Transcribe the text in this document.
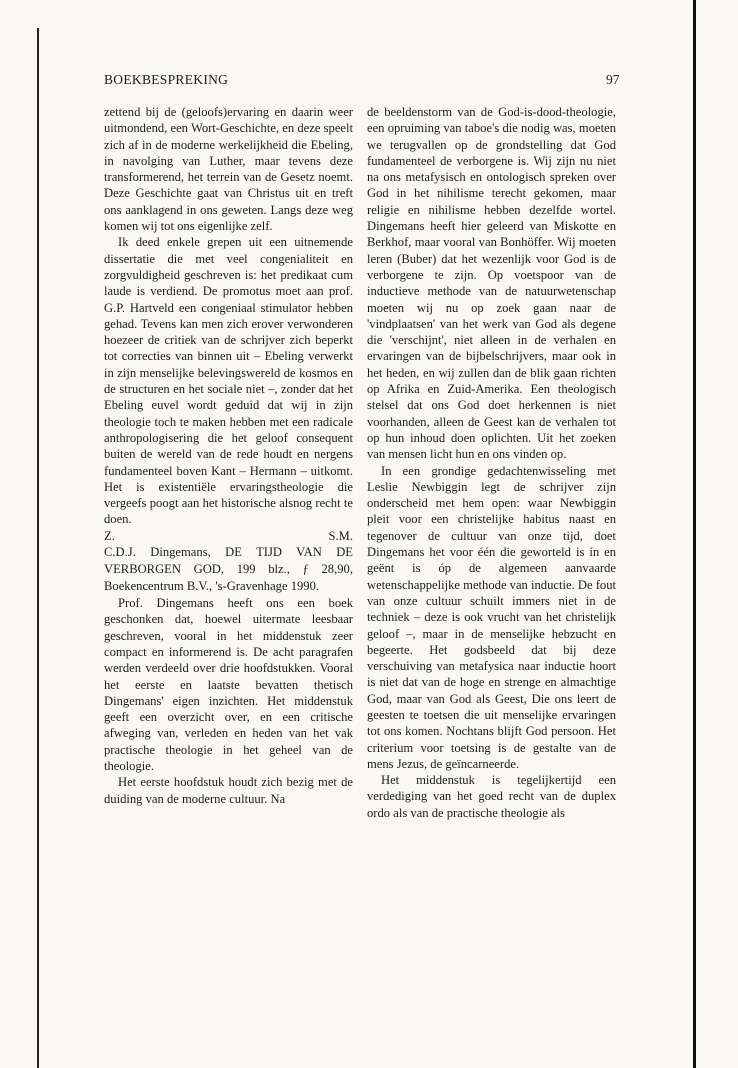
BOEKBESPREKING	97

zettend bij de (geloofs)ervaring en daarin weer uitmondend, een Wort-Geschichte, en deze speelt zich af in de moderne werkelijkheid die Ebeling, in navolging van Luther, maar tevens deze transformerend, het terrein van de Gesetz noemt. Deze Geschichte gaat van Christus uit en treft ons aanklagend in ons geweten. Langs deze weg komen wij tot ons eigenlijke zelf.

Ik deed enkele grepen uit een uitnemende dissertatie die met veel congenialiteit en zorgvuldigheid geschreven is: het predikaat cum laude is verdiend. De promotus moet aan prof. G.P. Hartveld een congeniaal stimulator hebben gehad. Tevens kan men zich erover verwonderen hoezeer de critiek van de schrijver zich beperkt tot correcties van binnen uit – Ebeling verwerkt in zijn menselijke belevingswereld de kosmos en de structuren en het sociale niet –, zonder dat het Ebeling euvel wordt geduid dat wij in zijn theologie toch te maken hebben met een radicale anthropologisering die het geloof consequent buiten de wereld van de rede houdt en nergens fundamenteel boven Kant – Hermann – uitkomt. Het is existentiële ervaringstheologie die vergeefs poogt aan het historische alsnog recht te doen.

Z.	S.M.

C.D.J. Dingemans, DE TIJD VAN DE VERBORGEN GOD, 199 blz., ƒ 28,90, Boekencentrum B.V., 's-Gravenhage 1990.

Prof. Dingemans heeft ons een boek geschonken dat, hoewel uitermate leesbaar geschreven, vooral in het middenstuk zeer compact en informerend is. De acht paragrafen werden verdeeld over drie hoofdstukken. Vooral het eerste en laatste bevatten thetisch Dingemans' eigen inzichten. Het middenstuk geeft een overzicht over, en een critische afweging van, verleden en heden van het vak practische theologie in het geheel van de theologie.

Het eerste hoofdstuk houdt zich bezig met de duiding van de moderne cultuur. Na

de beeldenstorm van de God-is-dood-theologie, een opruiming van taboe's die nodig was, moeten we terugvallen op de grondstelling dat God fundamenteel de verborgene is. Wij zijn nu niet na ons metafysisch en ontologisch spreken over God in het nihilisme terecht gekomen, maar religie en nihilisme hebben dezelfde wortel. Dingemans heeft hier geleerd van Miskotte en Berkhof, maar vooral van Bonhöffer. Wij moeten leren (Buber) dat het wezenlijk voor God is de verborgene te zijn. Op voetspoor van de inductieve methode van de natuurwetenschap moeten wij nu op zoek gaan naar de 'vindplaatsen' van het werk van God als degene die 'verschijnt', niet alleen in de verhalen en ervaringen van de bijbelschrijvers, maar ook in het heden, en wij zullen dan de blik gaan richten op Afrika en Zuid-Amerika. Een theologisch stelsel dat ons God doet herkennen is niet voorhanden, alleen de Geest kan de verhalen tot op hun inhoud doen oplichten. Uit het zoeken van mensen licht hun en ons vinden op.

In een grondige gedachtenwisseling met Leslie Newbiggin legt de schrijver zijn onderscheid met hem open: waar Newbiggin pleit voor een christelijke habitus naast en tegenover de cultuur van onze tijd, doet Dingemans het voor één die geworteld is ín en geënt is óp de algemeen aanvaarde wetenschappelijke methode van inductie. De fout van onze cultuur schuilt immers niet in de techniek – deze is ook vrucht van het christelijk geloof –, maar in de menselijke hebzucht en begeerte. Het godsbeeld dat bij deze verschuiving van metafysica naar inductie hoort is niet dat van de hoge en strenge en almachtige God, maar van God als Geest, Die ons leert de geesten te toetsen die uit menselijke ervaringen tot ons komen. Nochtans blijft God persoon. Het criterium voor toetsing is de gestalte van de mens Jezus, de geïncarneerde.

Het middenstuk is tegelijkertijd een verdediging van het goed recht van de duplex ordo als van de practische theologie als
